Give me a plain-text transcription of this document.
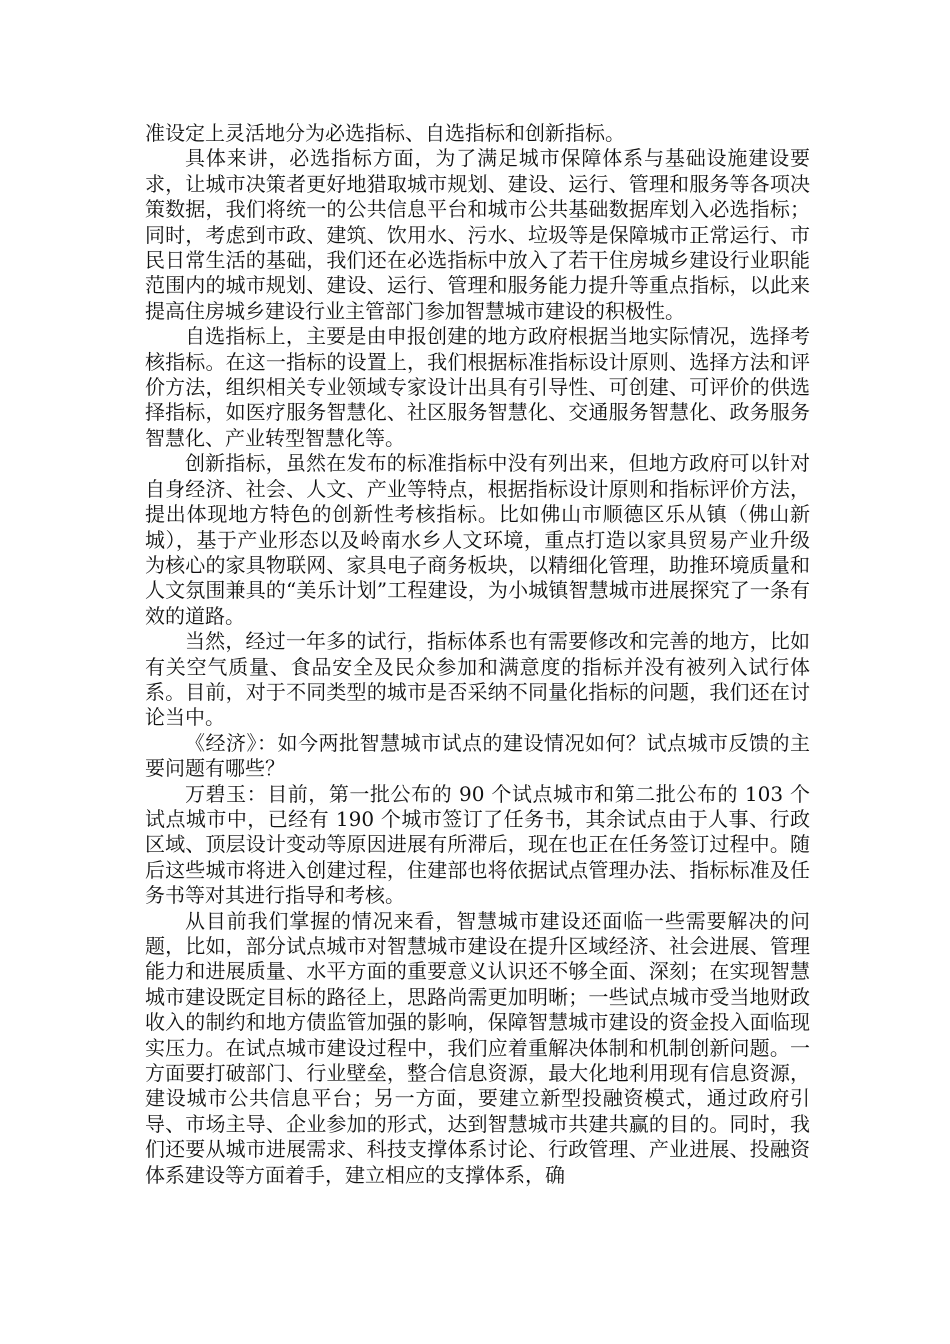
准设定上灵活地分为必选指标、自选指标和创新指标。

具体来讲，必选指标方面，为了满足城市保障体系与基础设施建设要求，让城市决策者更好地猎取城市规划、建设、运行、管理和服务等各项决策数据，我们将统一的公共信息平台和城市公共基础数据库划入必选指标；同时，考虑到市政、建筑、饮用水、污水、垃圾等是保障城市正常运行、市民日常生活的基础，我们还在必选指标中放入了若干住房城乡建设行业职能范围内的城市规划、建设、运行、管理和服务能力提升等重点指标，以此来提高住房城乡建设行业主管部门参加智慧城市建设的积极性。

自选指标上，主要是由申报创建的地方政府根据当地实际情况，选择考核指标。在这一指标的设置上，我们根据标准指标设计原则、选择方法和评价方法，组织相关专业领域专家设计出具有引导性、可创建、可评价的供选择指标，如医疗服务智慧化、社区服务智慧化、交通服务智慧化、政务服务智慧化、产业转型智慧化等。

创新指标，虽然在发布的标准指标中没有列出来，但地方政府可以针对自身经济、社会、人文、产业等特点，根据指标设计原则和指标评价方法，提出体现地方特色的创新性考核指标。比如佛山市顺德区乐从镇（佛山新城），基于产业形态以及岭南水乡人文环境，重点打造以家具贸易产业升级为核心的家具物联网、家具电子商务板块，以精细化管理，助推环境质量和人文氛围兼具的“美乐计划”工程建设，为小城镇智慧城市进展探究了一条有效的道路。

当然，经过一年多的试行，指标体系也有需要修改和完善的地方，比如有关空气质量、食品安全及民众参加和满意度的指标并没有被列入试行体系。目前，对于不同类型的城市是否采纳不同量化指标的问题，我们还在讨论当中。

《经济》：如今两批智慧城市试点的建设情况如何？试点城市反馈的主要问题有哪些？

万碧玉：目前，第一批公布的 90 个试点城市和第二批公布的 103 个试点城市中，已经有 190 个城市签订了任务书，其余试点由于人事、行政区域、顶层设计变动等原因进展有所滞后，现在也正在任务签订过程中。随后这些城市将进入创建过程，住建部也将依据试点管理办法、指标标准及任务书等对其进行指导和考核。

从目前我们掌握的情况来看，智慧城市建设还面临一些需要解决的问题，比如，部分试点城市对智慧城市建设在提升区域经济、社会进展、管理能力和进展质量、水平方面的重要意义认识还不够全面、深刻；在实现智慧城市建设既定目标的路径上，思路尚需更加明晰；一些试点城市受当地财政收入的制约和地方债监管加强的影响，保障智慧城市建设的资金投入面临现实压力。在试点城市建设过程中，我们应着重解决体制和机制创新问题。一方面要打破部门、行业壁垒，整合信息资源，最大化地利用现有信息资源，建设城市公共信息平台；另一方面，要建立新型投融资模式，通过政府引导、市场主导、企业参加的形式，达到智慧城市共建共赢的目的。同时，我们还要从城市进展需求、科技支撑体系讨论、行政管理、产业进展、投融资体系建设等方面着手，建立相应的支撑体系，确
